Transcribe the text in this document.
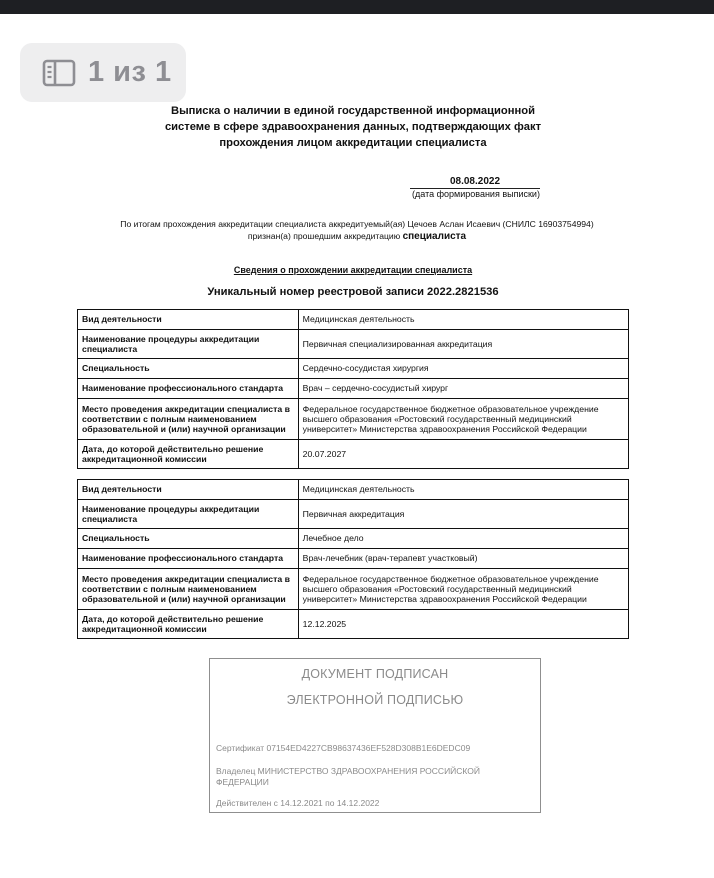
Выписка о наличии в единой государственной информационной
системе в сфере здравоохранения данных, подтверждающих факт
прохождения лицом аккредитации специалиста
08.08.2022
(дата формирования выписки)
По итогам прохождения аккредитации специалиста аккредитуемый(ая) Цечоев Аслан Исаевич (СНИЛС 16903754994)
признан(а) прошедшим аккредитацию специалиста
Сведения о прохождении аккредитации специалиста
Уникальный номер реестровой записи 2022.2821536
Вид деятельности	Медицинская деятельность
Наименование процедуры аккредитации специалиста	Первичная специализированная аккредитация
Специальность	Сердечно-сосудистая хирургия
Наименование профессионального стандарта	Врач – сердечно-сосудистый хирург
Место проведения аккредитации специалиста в соответствии с полным наименованием образовательной и (или) научной организации	Федеральное государственное бюджетное образовательное учреждение высшего образования «Ростовский государственный медицинский университет» Министерства здравоохранения Российской Федерации
Дата, до которой действительно решение аккредитационной комиссии	20.07.2027
Вид деятельности	Медицинская деятельность
Наименование процедуры аккредитации специалиста	Первичная аккредитация
Специальность	Лечебное дело
Наименование профессионального стандарта	Врач-лечебник (врач-терапевт участковый)
Место проведения аккредитации специалиста в соответствии с полным наименованием образовательной и (или) научной организации	Федеральное государственное бюджетное образовательное учреждение высшего образования «Ростовский государственный медицинский университет» Министерства здравоохранения Российской Федерации
Дата, до которой действительно решение аккредитационной комиссии	12.12.2025
ДОКУМЕНТ ПОДПИСАН
ЭЛЕКТРОННОЙ ПОДПИСЬЮ
Сертификат 07154ED4227CB98637436EF528D308B1E6DEDC09
Владелец МИНИСТЕРСТВО ЗДРАВООХРАНЕНИЯ РОССИЙСКОЙ ФЕДЕРАЦИИ
Действителен с 14.12.2021 по 14.12.2022
1 из 1
